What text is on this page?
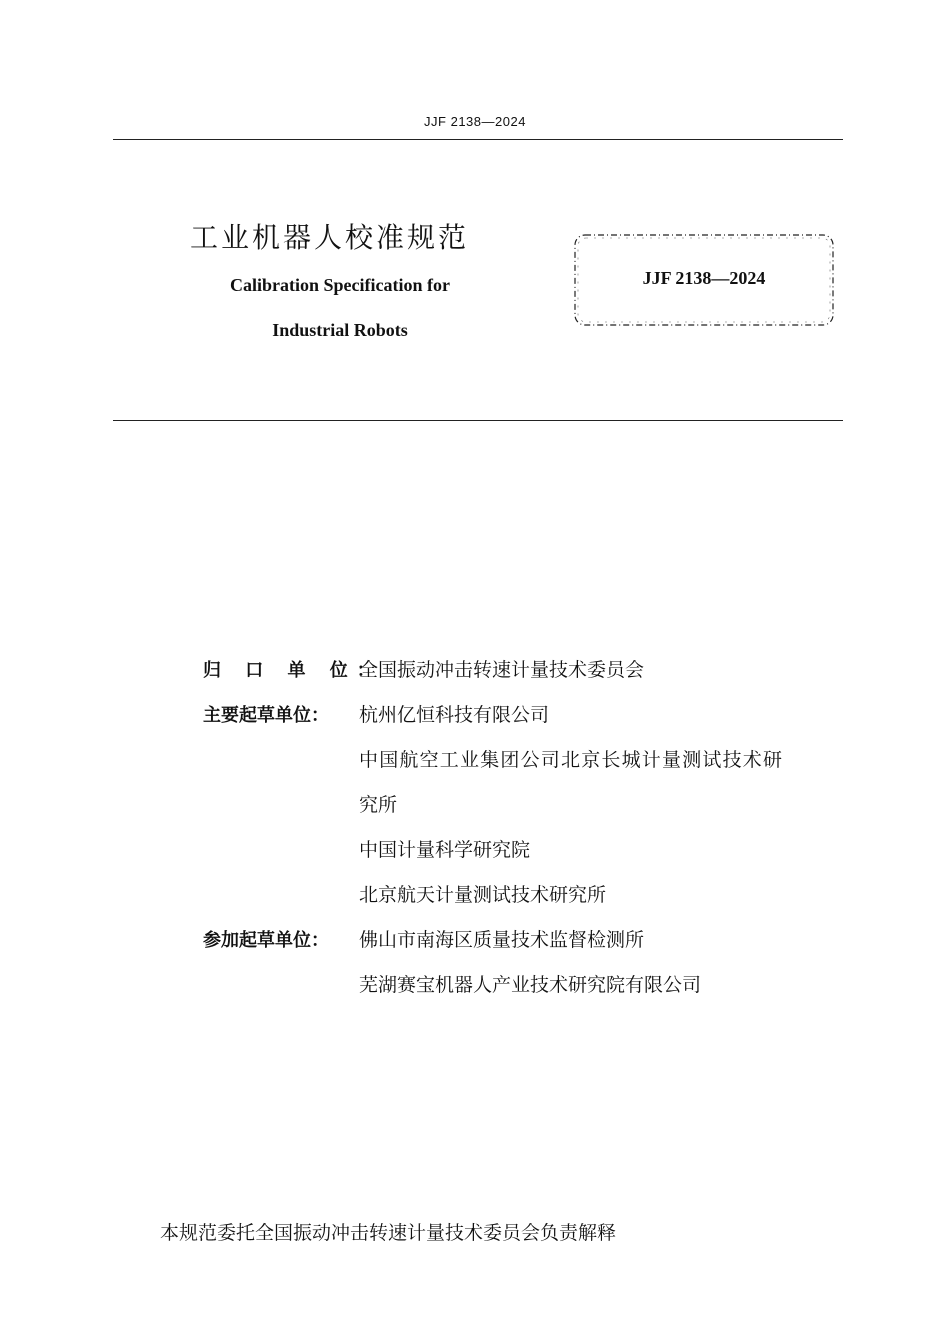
JJF 2138—2024
工业机器人校准规范
Calibration Specification for
Industrial Robots
JJF 2138—2024
归 口 单 位：
全国振动冲击转速计量技术委员会
主要起草单位：	杭州亿恒科技有限公司
中国航空工业集团公司北京长城计量测试技术研
究所
中国计量科学研究院
北京航天计量测试技术研究所
参加起草单位：	佛山市南海区质量技术监督检测所
芜湖赛宝机器人产业技术研究院有限公司
本规范委托全国振动冲击转速计量技术委员会负责解释
